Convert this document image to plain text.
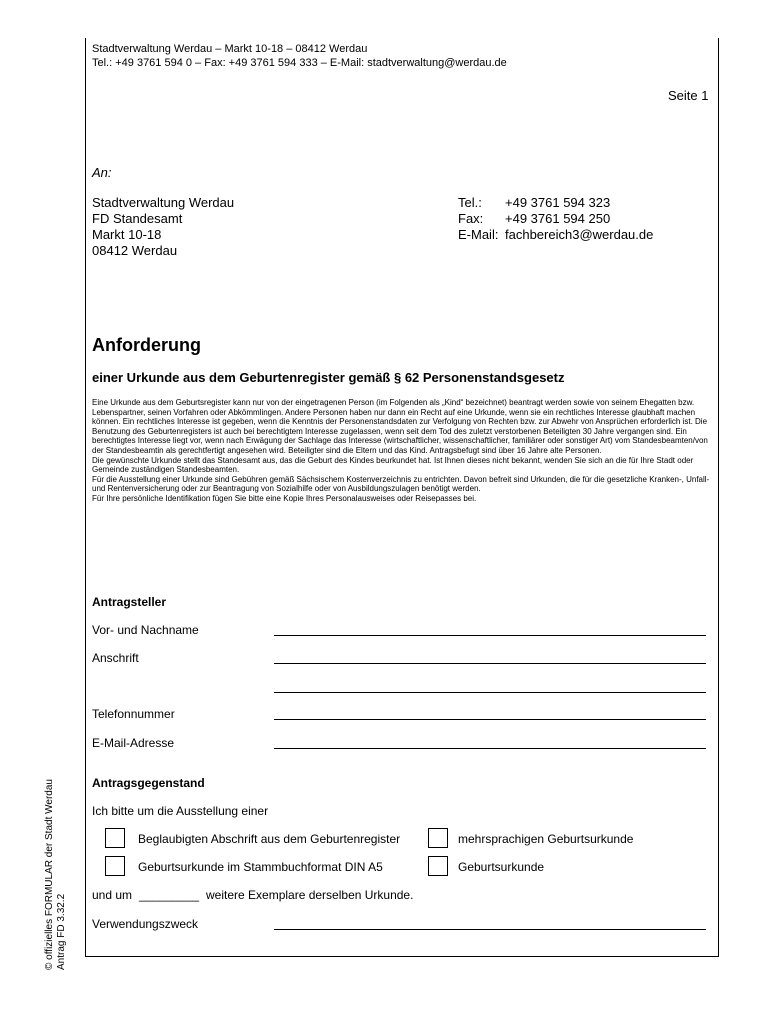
Stadtverwaltung Werdau – Markt 10-18 – 08412 Werdau
Tel.: +49 3761 594 0 – Fax: +49 3761 594 333 – E-Mail: stadtverwaltung@werdau.de
Seite 1
An:
Stadtverwaltung Werdau
FD Standesamt
Markt 10-18
08412 Werdau
Tel.: +49 3761 594 323
Fax: +49 3761 594 250
E-Mail: fachbereich3@werdau.de
Anforderung
einer Urkunde aus dem Geburtenregister gemäß § 62 Personenstandsgesetz

Eine Urkunde aus dem Geburtsregister kann nur von der eingetragenen Person (im Folgenden als „Kind“ bezeichnet) beantragt werden sowie von seinem Ehegatten bzw. Lebenspartner, seinen Vorfahren oder Abkömmlingen. Andere Personen haben nur dann ein Recht auf eine Urkunde, wenn sie ein rechtliches Interesse glaubhaft machen können. Ein rechtliches Interesse ist gegeben, wenn die Kenntnis der Personenstandsdaten zur Verfolgung von Rechten bzw. zur Abwehr von Ansprüchen erforderlich ist. Die Benutzung des Geburtenregisters ist auch bei berechtigtem Interesse zugelassen, wenn seit dem Tod des zuletzt verstorbenen Beteiligten 30 Jahre vergangen sind. Ein berechtigtes Interesse liegt vor, wenn nach Erwägung der Sachlage das Interesse (wirtschaftlicher, wissenschaftlicher, familiärer oder sonstiger Art) vom Standesbeamten/von der Standesbeamtin als gerechtfertigt angesehen wird. Beteiligter sind die Eltern und das Kind. Antragsbefugt sind über 16 Jahre alte Personen.

Die gewünschte Urkunde stellt das Standesamt aus, das die Geburt des Kindes beurkundet hat. Ist Ihnen dieses nicht bekannt, wenden Sie sich an die für Ihre Stadt oder Gemeinde zuständigen Standesbeamten.

Für die Ausstellung einer Urkunde sind Gebühren gemäß Sächsischem Kostenverzeichnis zu entrichten. Davon befreit sind Urkunden, die für die gesetzliche Kranken-, Unfall- und Rentenversicherung oder zur Beantragung von Sozialhilfe oder von Ausbildungszulagen benötigt werden.

Für Ihre persönliche Identifikation fügen Sie bitte eine Kopie Ihres Personalausweises oder Reisepasses bei.

Antragsteller
Vor- und Nachname
Anschrift
Telefonnummer
E-Mail-Adresse
Antragsgegenstand
Ich bitte um die Ausstellung einer
Beglaubigten Abschrift aus dem Geburtenregister	mehrsprachigen Geburtsurkunde
Geburtsurkunde im Stammbuchformat DIN A5	Geburtsurkunde
und um _________ weitere Exemplare derselben Urkunde.
Verwendungszweck
© offizielles FORMULAR der Stadt Werdau Antrag FD 3.32.2
